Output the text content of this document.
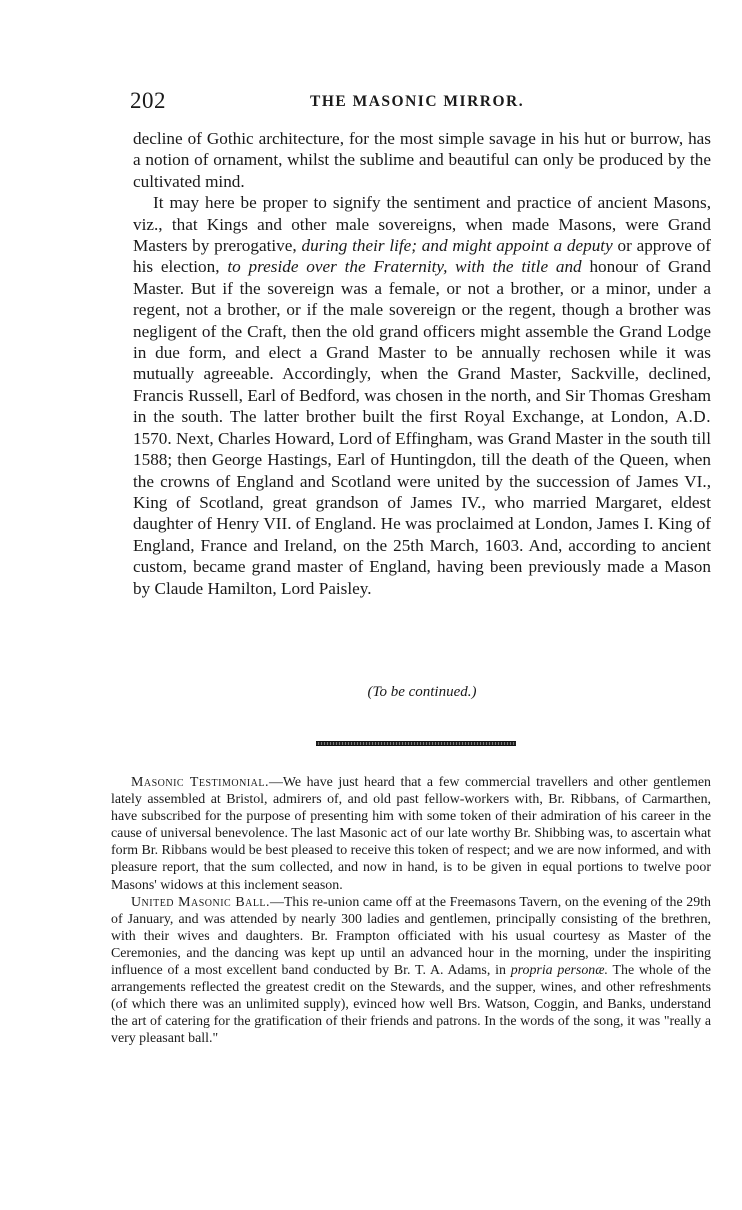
202	THE MASONIC MIRROR.

decline of Gothic architecture, for the most simple savage in his hut or burrow, has a notion of ornament, whilst the sublime and beautiful can only be produced by the cultivated mind.

It may here be proper to signify the sentiment and practice of ancient Masons, viz., that Kings and other male sovereigns, when made Masons, were Grand Masters by prerogative, during their life; and might appoint a deputy or approve of his election, to preside over the Fraternity, with the title and honour of Grand Master. But if the sovereign was a female, or not a brother, or a minor, under a regent, not a brother, or if the male sovereign or the regent, though a brother was negligent of the Craft, then the old grand officers might assemble the Grand Lodge in due form, and elect a Grand Master to be annually rechosen while it was mutually agreeable. Accordingly, when the Grand Master, Sackville, declined, Francis Russell, Earl of Bedford, was chosen in the north, and Sir Thomas Gresham in the south. The latter brother built the first Royal Exchange, at London, A.D. 1570. Next, Charles Howard, Lord of Effingham, was Grand Master in the south till 1588; then George Hastings, Earl of Huntingdon, till the death of the Queen, when the crowns of England and Scotland were united by the succession of James VI., King of Scotland, great grandson of James IV., who married Margaret, eldest daughter of Henry VII. of England. He was proclaimed at London, James I. King of England, France and Ireland, on the 25th March, 1603. And, according to ancient custom, became grand master of England, having been previously made a Mason by Claude Hamilton, Lord Paisley.

(To be continued.)

Masonic Testimonial.—We have just heard that a few commercial travellers and other gentlemen lately assembled at Bristol, admirers of, and old past fellow-workers with, Br. Ribbans, of Carmarthen, have subscribed for the purpose of presenting him with some token of their admiration of his career in the cause of universal benevolence. The last Masonic act of our late worthy Br. Shibbing was, to ascertain what form Br. Ribbans would be best pleased to receive this token of respect; and we are now informed, and with pleasure report, that the sum collected, and now in hand, is to be given in equal portions to twelve poor Masons' widows at this inclement season.

United Masonic Ball.—This re-union came off at the Freemasons Tavern, on the evening of the 29th of January, and was attended by nearly 300 ladies and gentlemen, principally consisting of the brethren, with their wives and daughters. Br. Frampton officiated with his usual courtesy as Master of the Ceremonies, and the dancing was kept up until an advanced hour in the morning, under the inspiriting influence of a most excellent band conducted by Br. T. A. Adams, in propria personæ. The whole of the arrangements reflected the greatest credit on the Stewards, and the supper, wines, and other refreshments (of which there was an unlimited supply), evinced how well Brs. Watson, Coggin, and Banks, understand the art of catering for the gratification of their friends and patrons. In the words of the song, it was "really a very pleasant ball."
